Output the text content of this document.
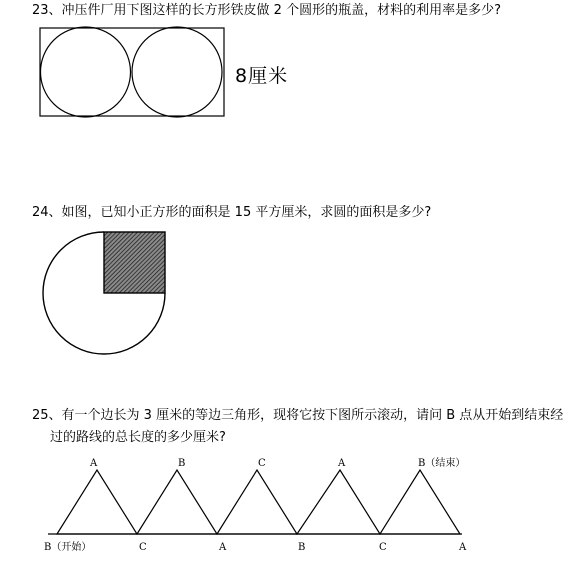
23、冲压件厂用下图这样的长方形铁皮做 2 个圆形的瓶盖，材料的利用率是多少?

8厘米

24、如图，已知小正方形的面积是 15 平方厘米，求圆的面积是多少?

25、有一个边长为 3 厘米的等边三角形，现将它按下图所示滚动，请问 B 点从开始到结束经

过的路线的总长度的多少厘米?

A	B	C	A	B（结束）
B（开始）	C	A	B	C	A
